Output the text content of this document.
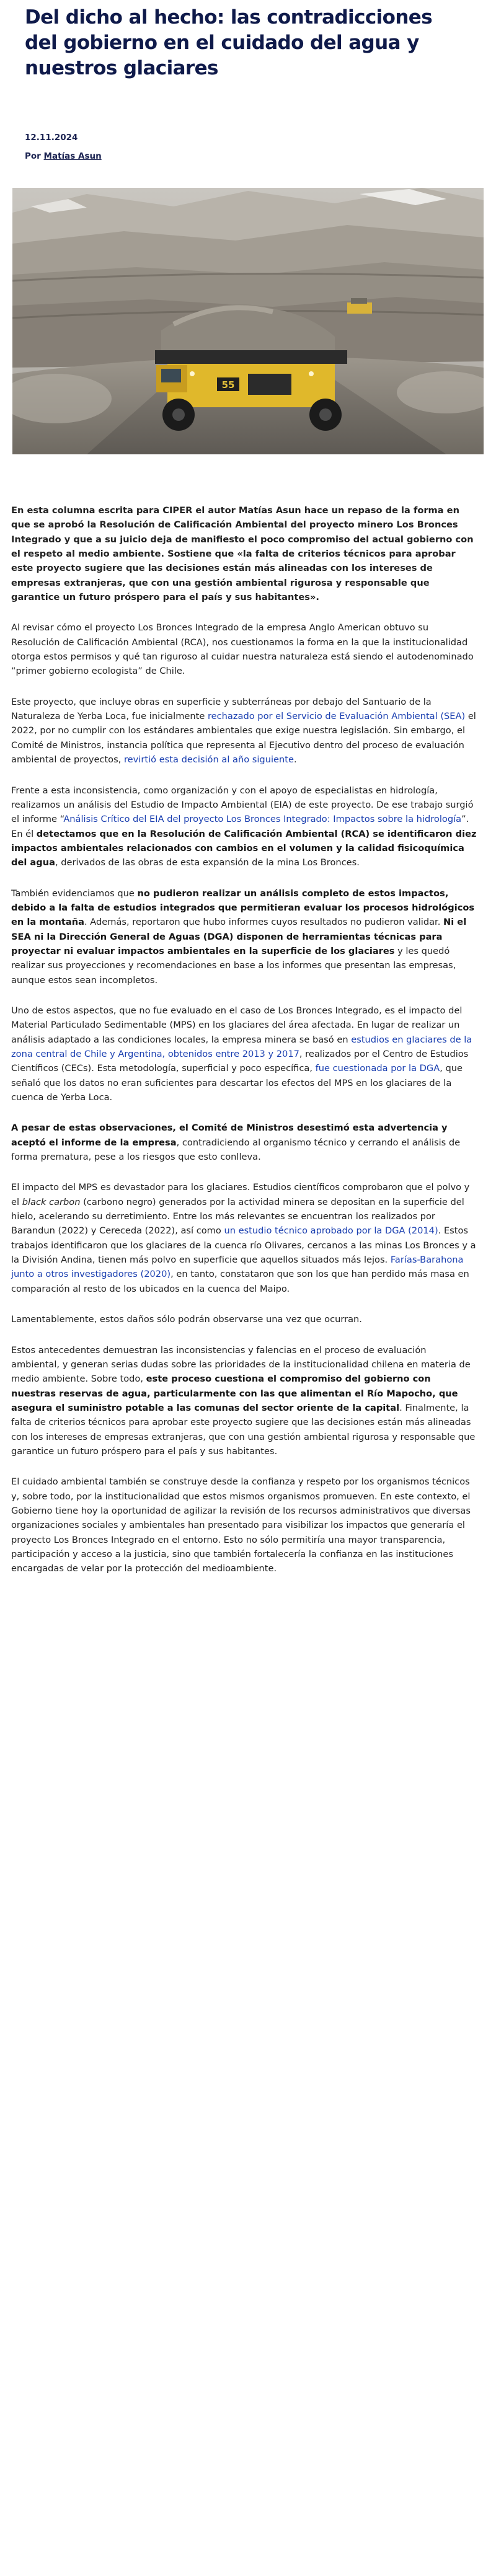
Del dicho al hecho: las contradicciones del gobierno en el cuidado del agua y nuestros glaciares

12.11.2024

Por Matías Asun
55

En esta columna escrita para CIPER el autor Matías Asun hace un repaso de la forma en que se aprobó la Resolución de Calificación Ambiental del proyecto minero Los Bronces Integrado y que a su juicio deja de manifiesto el poco compromiso del actual gobierno con el respeto al medio ambiente. Sostiene que «la falta de criterios técnicos para aprobar este proyecto sugiere que las decisiones están más alineadas con los intereses de empresas extranjeras, que con una gestión ambiental rigurosa y responsable que garantice un futuro próspero para el país y sus habitantes».

Al revisar cómo el proyecto Los Bronces Integrado de la empresa Anglo American obtuvo su Resolución de Calificación Ambiental (RCA), nos cuestionamos la forma en la que la institucionalidad otorga estos permisos y qué tan riguroso al cuidar nuestra naturaleza está siendo el autodenominado “primer gobierno ecologista” de Chile.

Este proyecto, que incluye obras en superficie y subterráneas por debajo del Santuario de la Naturaleza de Yerba Loca, fue inicialmente rechazado por el Servicio de Evaluación Ambiental (SEA) el 2022, por no cumplir con los estándares ambientales que exige nuestra legislación. Sin embargo, el Comité de Ministros, instancia política que representa al Ejecutivo dentro del proceso de evaluación ambiental de proyectos, revirtió esta decisión al año siguiente.

Frente a esta inconsistencia, como organización y con el apoyo de especialistas en hidrología, realizamos un análisis del Estudio de Impacto Ambiental (EIA) de este proyecto. De ese trabajo surgió el informe “Análisis Crítico del EIA del proyecto Los Bronces Integrado: Impactos sobre la hidrología”. En él detectamos que en la Resolución de Calificación Ambiental (RCA) se identificaron diez impactos ambientales relacionados con cambios en el volumen y la calidad fisicoquímica del agua, derivados de las obras de esta expansión de la mina Los Bronces.

También evidenciamos que no pudieron realizar un análisis completo de estos impactos, debido a la falta de estudios integrados que permitieran evaluar los procesos hidrológicos en la montaña. Además, reportaron que hubo informes cuyos resultados no pudieron validar. Ni el SEA ni la Dirección General de Aguas (DGA) disponen de herramientas técnicas para proyectar ni evaluar impactos ambientales en la superficie de los glaciares y les quedó realizar sus proyecciones y recomendaciones en base a los informes que presentan las empresas, aunque estos sean incompletos.

Uno de estos aspectos, que no fue evaluado en el caso de Los Bronces Integrado, es el impacto del Material Particulado Sedimentable (MPS) en los glaciares del área afectada. En lugar de realizar un análisis adaptado a las condiciones locales, la empresa minera se basó en estudios en glaciares de la zona central de Chile y Argentina, obtenidos entre 2013 y 2017, realizados por el Centro de Estudios Científicos (CECs). Esta metodología, superficial y poco específica, fue cuestionada por la DGA, que señaló que los datos no eran suficientes para descartar los efectos del MPS en los glaciares de la cuenca de Yerba Loca.

A pesar de estas observaciones, el Comité de Ministros desestimó esta advertencia y aceptó el informe de la empresa, contradiciendo al organismo técnico y cerrando el análisis de forma prematura, pese a los riesgos que esto conlleva.

El impacto del MPS es devastador para los glaciares. Estudios científicos comprobaron que el polvo y el black carbon (carbono negro) generados por la actividad minera se depositan en la superficie del hielo, acelerando su derretimiento. Entre los más relevantes se encuentran los realizados por Barandun (2022) y Cereceda (2022), así como un estudio técnico aprobado por la DGA (2014). Estos trabajos identificaron que los glaciares de la cuenca río Olivares, cercanos a las minas Los Bronces y a la División Andina, tienen más polvo en superficie que aquellos situados más lejos. Farías-Barahona junto a otros investigadores (2020), en tanto, constataron que son los que han perdido más masa en comparación al resto de los ubicados en la cuenca del Maipo.

Lamentablemente, estos daños sólo podrán observarse una vez que ocurran.

Estos antecedentes demuestran las inconsistencias y falencias en el proceso de evaluación ambiental, y generan serias dudas sobre las prioridades de la institucionalidad chilena en materia de medio ambiente. Sobre todo, este proceso cuestiona el compromiso del gobierno con nuestras reservas de agua, particularmente con las que alimentan el Río Mapocho, que asegura el suministro potable a las comunas del sector oriente de la capital. Finalmente, la falta de criterios técnicos para aprobar este proyecto sugiere que las decisiones están más alineadas con los intereses de empresas extranjeras, que con una gestión ambiental rigurosa y responsable que garantice un futuro próspero para el país y sus habitantes.

El cuidado ambiental también se construye desde la confianza y respeto por los organismos técnicos y, sobre todo, por la institucionalidad que estos mismos organismos promueven. En este contexto, el Gobierno tiene hoy la oportunidad de agilizar la revisión de los recursos administrativos que diversas organizaciones sociales y ambientales han presentado para visibilizar los impactos que generaría el proyecto Los Bronces Integrado en el entorno. Esto no sólo permitiría una mayor transparencia, participación y acceso a la justicia, sino que también fortalecería la confianza en las instituciones encargadas de velar por la protección del medioambiente.
